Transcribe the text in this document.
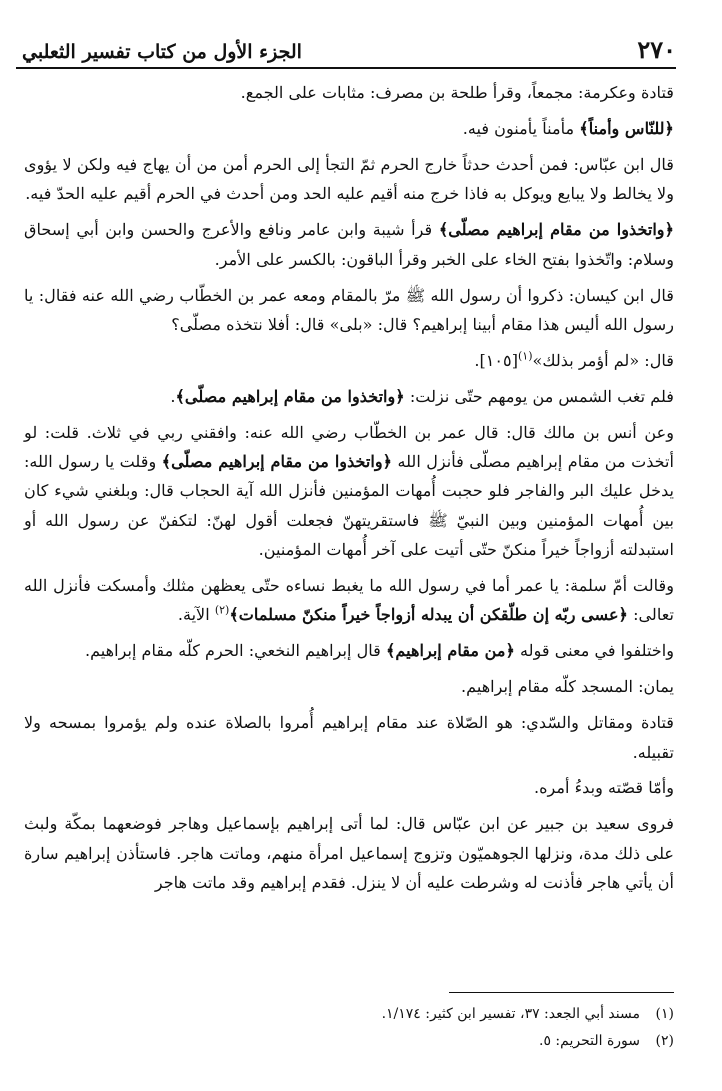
٢٧٠
الجزء الأول من كتاب تفسير الثعلبي

قتادة وعكرمة: مجمعاً، وقرأ طلحة بن مصرف: مثابات على الجمع.

﴿للنّاس وأمناً﴾ مأمناً يأمنون فيه.

قال ابن عبّاس: فمن أحدث حدثاً خارج الحرم ثمّ التجأ إلى الحرم أمن من أن يهاج فيه ولكن لا يؤوى ولا يخالط ولا يبايع ويوكل به فاذا خرج منه أقيم عليه الحد ومن أحدث في الحرم أقيم عليه الحدّ فيه.

﴿واتخذوا من مقام إبراهيم مصلّى﴾ قرأ شيبة وابن عامر ونافع والأعرج والحسن وابن أبي إسحاق وسلام: واتّخذوا بفتح الخاء على الخبر وقرأ الباقون: بالكسر على الأمر.

قال ابن كيسان: ذكروا أن رسول الله ﷺ مرّ بالمقام ومعه عمر بن الخطّاب رضي الله عنه فقال: يا رسول الله أليس هذا مقام أبينا إبراهيم؟ قال: «بلى» قال: أفلا نتخذه مصلّى؟

قال: «لم أؤمر بذلك»$^{(١)}$[١٠٥].

فلم تغب الشمس من يومهم حتّى نزلت: ﴿واتخذوا من مقام إبراهيم مصلّى﴾.

وعن أنس بن مالك قال: قال عمر بن الخطّاب رضي الله عنه: وافقني ربي في ثلاث. قلت: لو أتخذت من مقام إبراهيم مصلّى فأنزل الله ﴿واتخذوا من مقام إبراهيم مصلّى﴾ وقلت يا رسول الله: يدخل عليك البر والفاجر فلو حجبت أُمهات المؤمنين فأنزل الله آية الحجاب قال: وبلغني شيء كان بين أُمهات المؤمنين وبين النبيّ ﷺ فاستقريتهنّ فجعلت أقول لهنّ: لتكفنّ عن رسول الله أو استبدلته أزواجاً خيراً منكنّ حتّى أتيت على آخر أُمهات المؤمنين.

وقالت أمّ سلمة: يا عمر أما في رسول الله ما يغبط نساءه حتّى يعظهن مثلك وأمسكت فأنزل الله تعالى: ﴿عسى ربّه إن طلّقكن أن يبدله أزواجاً خيراً منكنّ مسلمات﴾$^{(٢)}$ الآية.

واختلفوا في معنى قوله ﴿من مقام إبراهيم﴾ قال إبراهيم النخعي: الحرم كلّه مقام إبراهيم.

يمان: المسجد كلّه مقام إبراهيم.

قتادة ومقاتل والسّدي: هو الصّلاة عند مقام إبراهيم أُمروا بالصلاة عنده ولم يؤمروا بمسحه ولا تقبيله.

وأمّا قصّته وبدءُ أمره.

فروى سعيد بن جبير عن ابن عبّاس قال: لما أتى إبراهيم بإسماعيل وهاجر فوضعهما بمكّة ولبث على ذلك مدة، ونزلها الجوهميّون وتزوج إسماعيل امرأة منهم، وماتت هاجر. فاستأذن إبراهيم سارة أن يأتي هاجر فأذنت له وشرطت عليه أن لا ينزل. فقدم إبراهيم وقد ماتت هاجر

(١)مسند أبي الجعد: ٣٧، تفسير ابن كثير: ١/١٧٤.
(٢)سورة التحريم: ٥.
